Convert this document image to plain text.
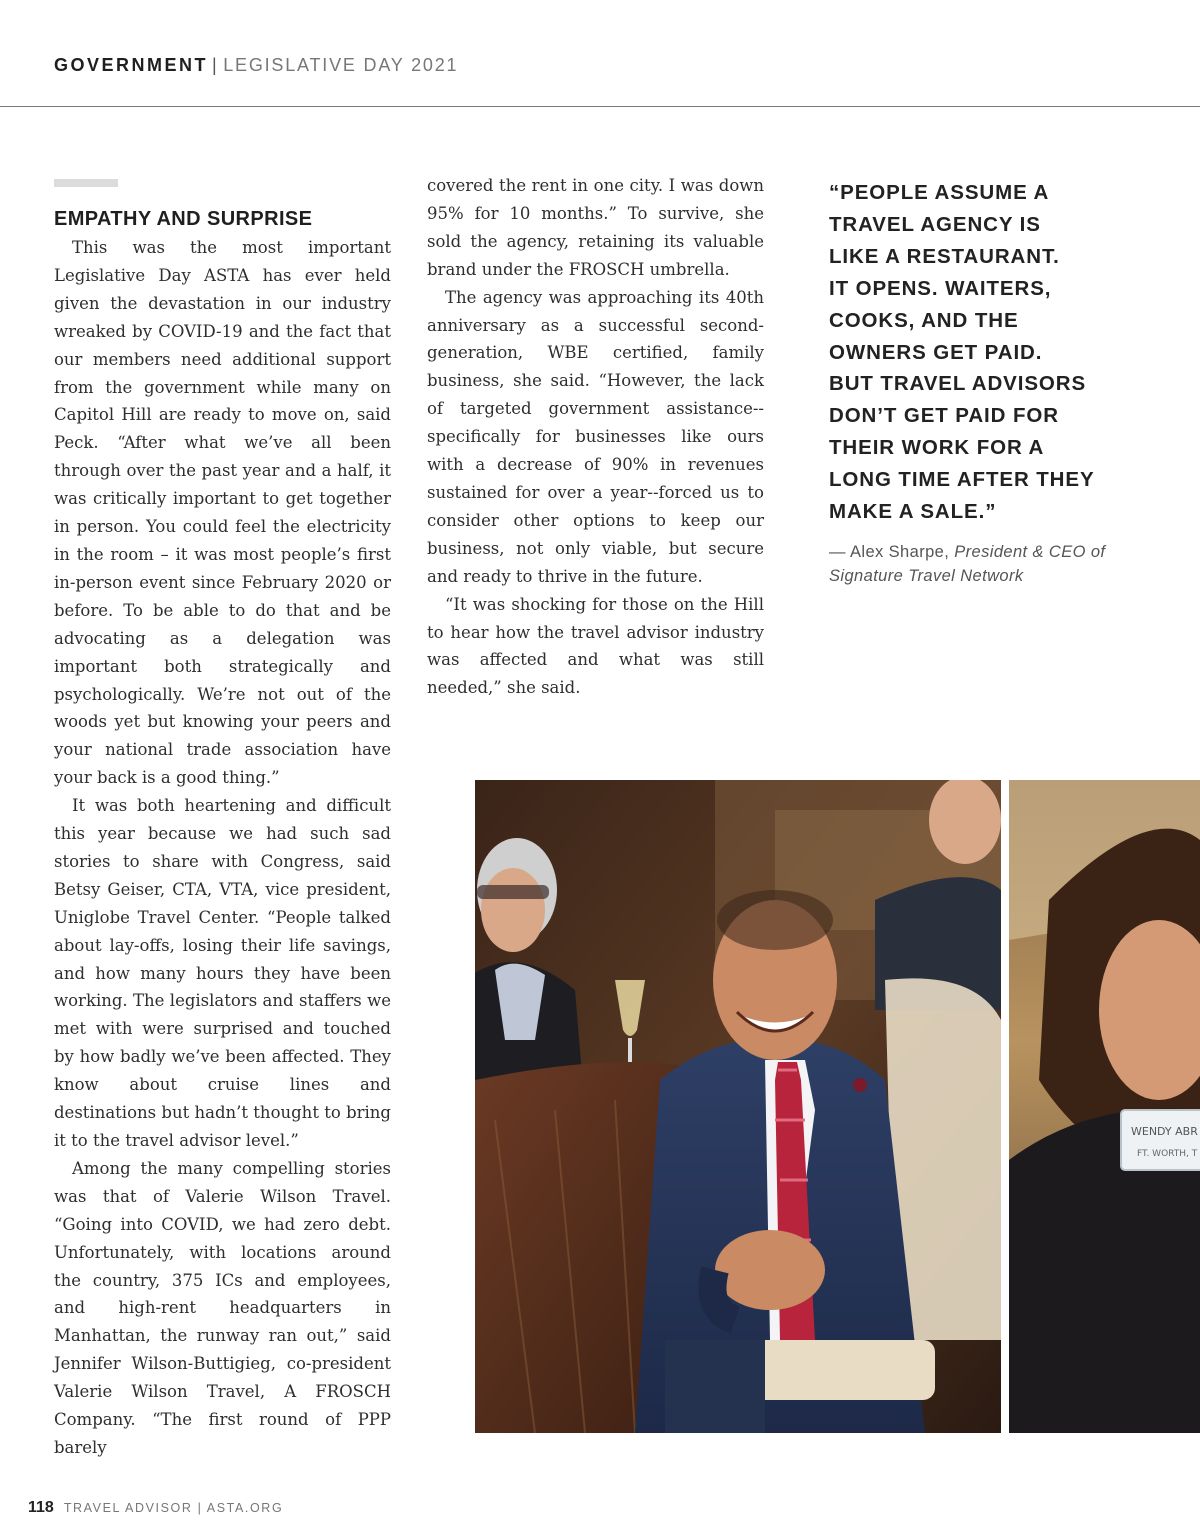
GOVERNMENT | LEGISLATIVE DAY 2021
EMPATHY AND SURPRISE

This was the most important Legislative Day ASTA has ever held given the devastation in our industry wreaked by COVID-19 and the fact that our members need additional support from the government while many on Capitol Hill are ready to move on, said Peck. “After what we’ve all been through over the past year and a half, it was critically important to get together in person. You could feel the electricity in the room – it was most people’s first in-person event since February 2020 or before. To be able to do that and be advocating as a delegation was important both strategically and psychologically. We’re not out of the woods yet but knowing your peers and your national trade association have your back is a good thing.”

It was both heartening and difficult this year because we had such sad stories to share with Congress, said Betsy Geiser, CTA, VTA, vice president, Uniglobe Travel Center. “People talked about lay-offs, losing their life savings, and how many hours they have been working. The legislators and staffers we met with were surprised and touched by how badly we’ve been affected. They know about cruise lines and destinations but hadn’t thought to bring it to the travel advisor level.”

Among the many compelling stories was that of Valerie Wilson Travel. “Going into COVID, we had zero debt. Unfortunately, with locations around the country, 375 ICs and employees, and high-rent headquarters in Manhattan, the runway ran out,” said Jennifer Wilson-Buttigieg, co-president Valerie Wilson Travel, A FROSCH Company. “The first round of PPP barely

covered the rent in one city. I was down 95% for 10 months.” To survive, she sold the agency, retaining its valuable brand under the FROSCH umbrella.

The agency was approaching its 40th anniversary as a successful second-generation, WBE certified, family business, she said. “However, the lack of targeted government assistance--specifically for businesses like ours with a decrease of 90% in revenues sustained for over a year--forced us to consider other options to keep our business, not only viable, but secure and ready to thrive in the future.

“It was shocking for those on the Hill to hear how the travel advisor industry was affected and what was still needed,” she said.

“PEOPLE ASSUME A
TRAVEL AGENCY IS
LIKE A RESTAURANT.
IT OPENS. WAITERS,
COOKS, AND THE
OWNERS GET PAID.
BUT TRAVEL ADVISORS
DON’T GET PAID FOR
THEIR WORK FOR A
LONG TIME AFTER THEY
MAKE A SALE.”
— Alex Sharpe, President & CEO of Signature Travel Network
WENDY ABR
FT. WORTH, T
118 TRAVEL ADVISOR | ASTA.ORG
